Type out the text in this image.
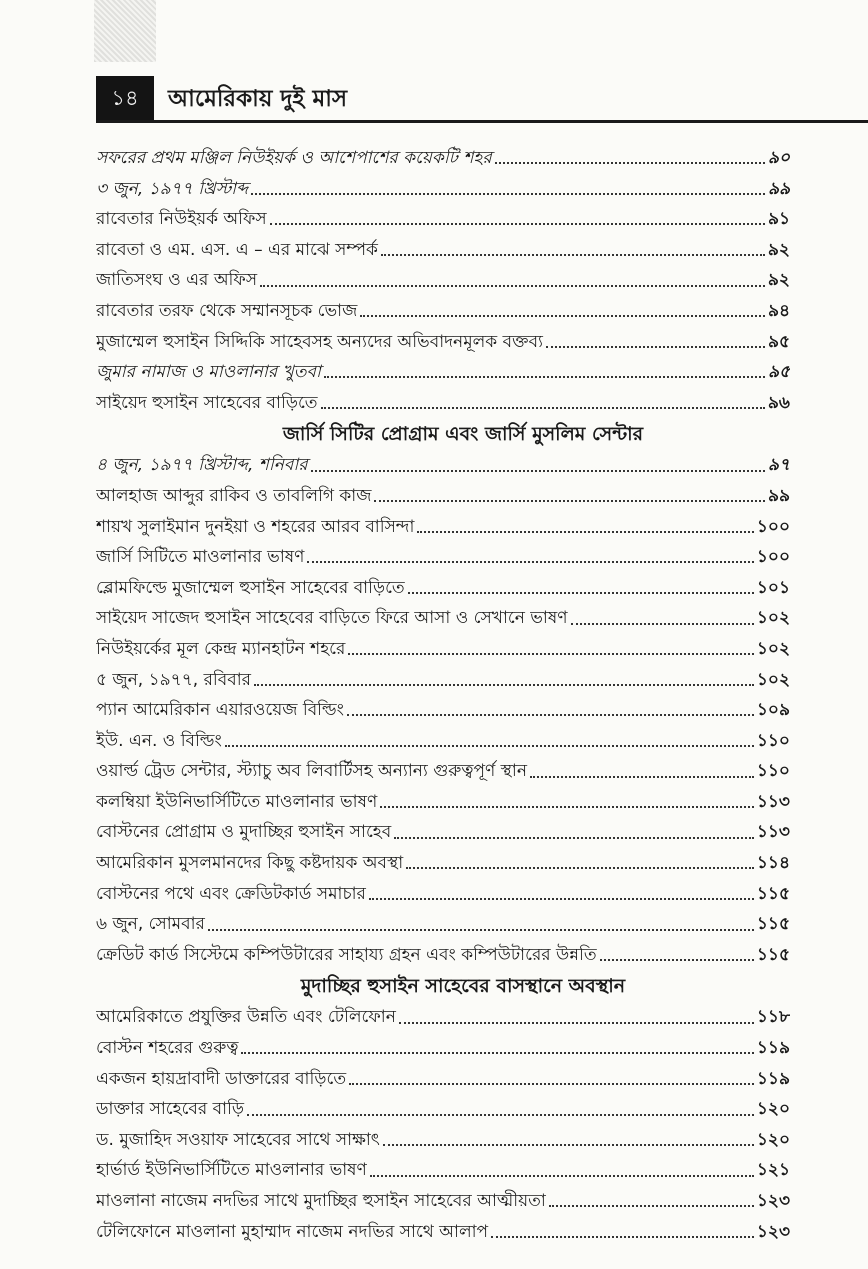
১৪	আমেরিকায় দুই মাস
সফরের প্রথম মঞ্জিল নিউইয়র্ক ও আশেপাশের কয়েকটি শহর	৯০
৩ জুন, ১৯৭৭ খ্রিস্টাব্দ	৯৯
রাবেতার নিউইয়র্ক অফিস	৯১
রাবেতা ও এম. এস. এ – এর মাঝে সম্পর্ক	৯২
জাতিসংঘ ও এর অফিস	৯২
রাবেতার তরফ থেকে সম্মানসূচক ভোজ	৯৪
মুজাম্মেল হুসাইন সিদ্দিকি সাহেবসহ অন্যদের অভিবাদনমূলক বক্তব্য	৯৫
জুমার নামাজ ও মাওলানার খুতবা	৯৫
সাইয়েদ হুসাইন সাহেবের বাড়িতে	৯৬
জার্সি সিটির প্রোগ্রাম এবং জার্সি মুসলিম সেন্টার
৪ জুন, ১৯৭৭ খ্রিস্টাব্দ, শনিবার	৯৭
আলহাজ আব্দুর রাকিব ও তাবলিগি কাজ	৯৯
শায়খ সুলাইমান দুনইয়া ও শহরের আরব বাসিন্দা	১০০
জার্সি সিটিতে মাওলানার ভাষণ	১০০
ব্লোমফিল্ডে মুজাম্মেল হুসাইন সাহেবের বাড়িতে	১০১
সাইয়েদ সাজেদ হুসাইন সাহেবের বাড়িতে ফিরে আসা ও সেখানে ভাষণ	১০২
নিউইয়র্কের মূল কেন্দ্র ম্যানহাটন শহরে	১০২
৫ জুন, ১৯৭৭, রবিবার	১০২
প্যান আমেরিকান এয়ারওয়েজ বিল্ডিং	১০৯
ইউ. এন. ও বিল্ডিং	১১০
ওয়ার্ল্ড ট্রেড সেন্টার, স্ট্যাচু অব লিবার্টিসহ অন্যান্য গুরুত্বপূর্ণ স্থান	১১০
কলম্বিয়া ইউনিভার্সিটিতে মাওলানার ভাষণ	১১৩
বোস্টনের প্রোগ্রাম ও মুদাচ্ছির হুসাইন সাহেব	১১৩
আমেরিকান মুসলমানদের কিছু কষ্টদায়ক অবস্থা	১১৪
বোস্টনের পথে এবং ক্রেডিটকার্ড সমাচার	১১৫
৬ জুন, সোমবার	১১৫
ক্রেডিট কার্ড সিস্টেমে কম্পিউটারের সাহায্য গ্রহন এবং কম্পিউটারের উন্নতি	১১৫
মুদাচ্ছির হুসাইন সাহেবের বাসস্থানে অবস্থান
আমেরিকাতে প্রযুক্তির উন্নতি এবং টেলিফোন	১১৮
বোস্টন শহরের গুরুত্ব	১১৯
একজন হায়দ্রাবাদী ডাক্তারের বাড়িতে	১১৯
ডাক্তার সাহেবের বাড়ি	১২০
ড. মুজাহিদ সওয়াফ সাহেবের সাথে সাক্ষাৎ	১২০
হার্ভার্ড ইউনিভার্সিটিতে মাওলানার ভাষণ	১২১
মাওলানা নাজেম নদভির সাথে মুদাচ্ছির হুসাইন সাহেবের আত্মীয়তা	১২৩
টেলিফোনে মাওলানা মুহাম্মাদ নাজেম নদভির সাথে আলাপ	১২৩
